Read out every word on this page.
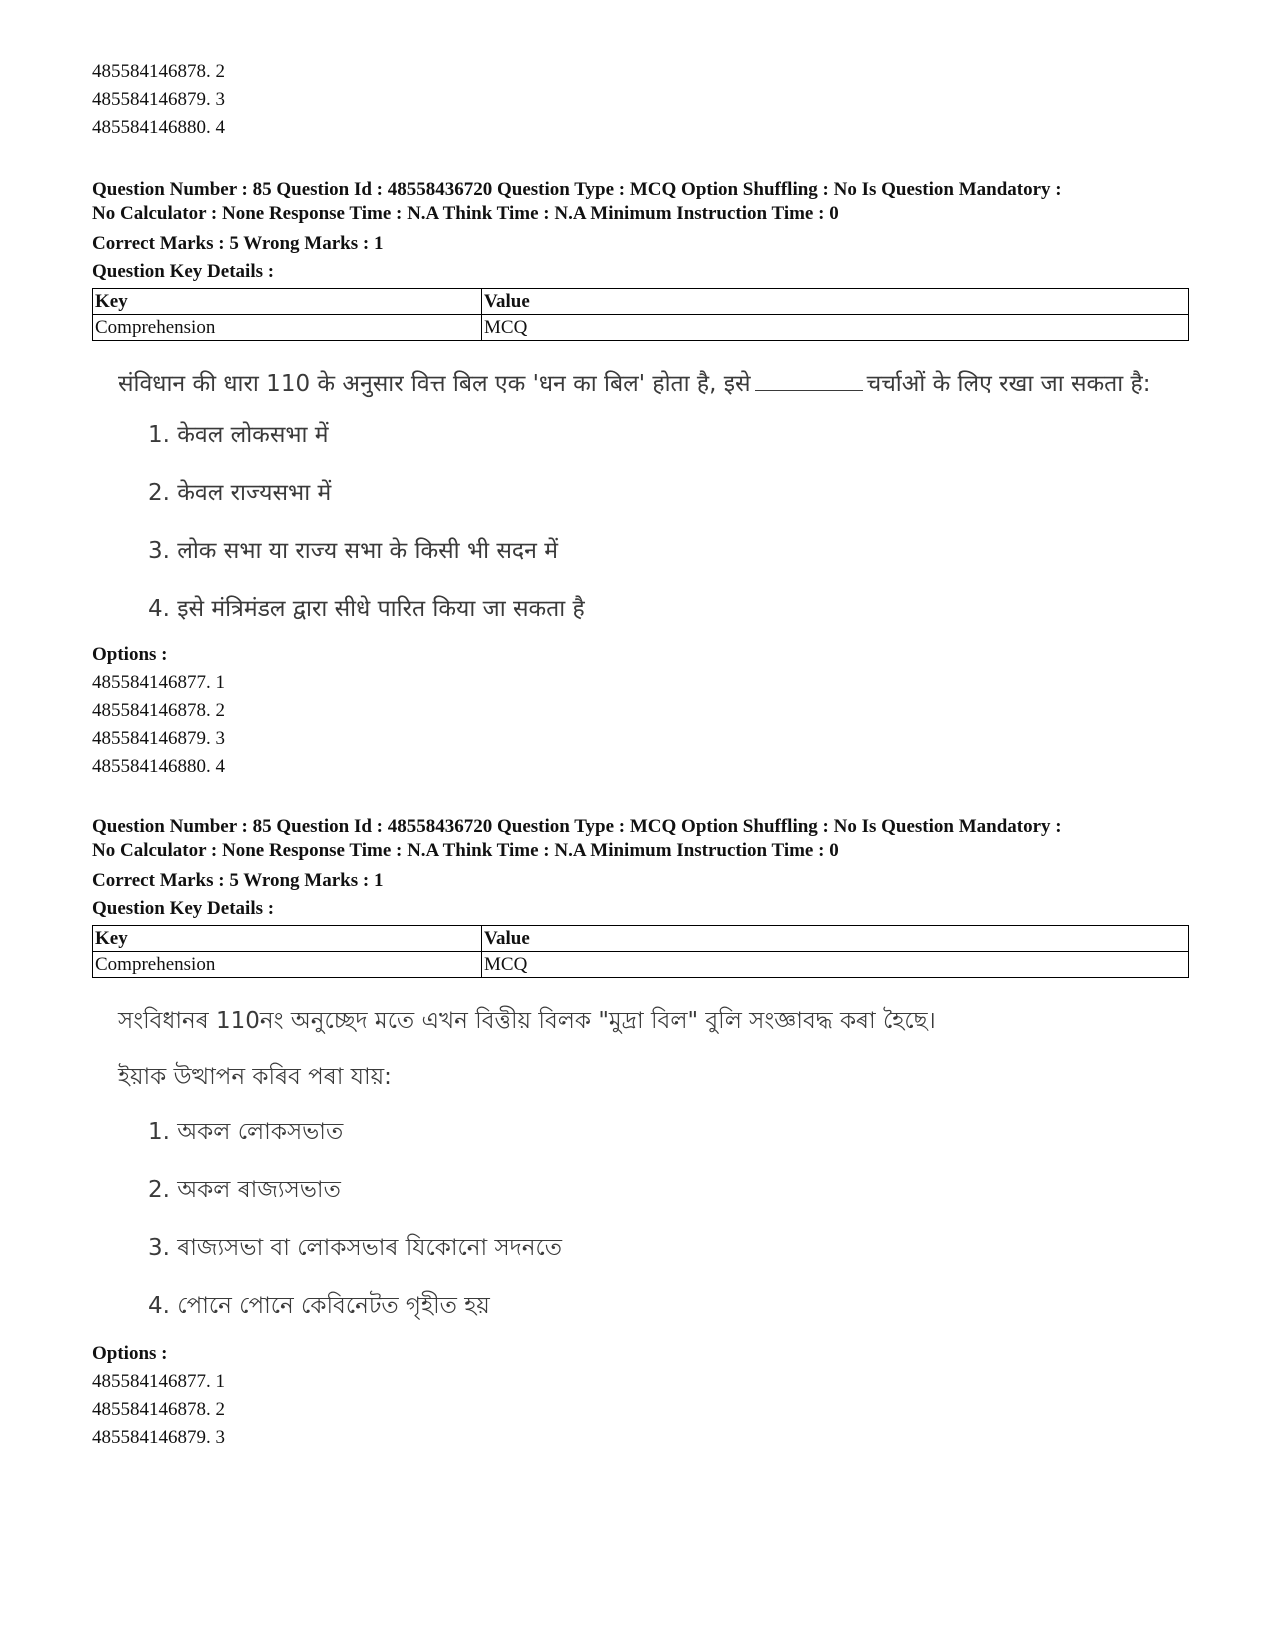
485584146878. 2
485584146879. 3
485584146880. 4
Question Number : 85 Question Id : 48558436720 Question Type : MCQ Option Shuffling : No Is Question Mandatory :
No Calculator : None Response Time : N.A Think Time : N.A Minimum Instruction Time : 0
Correct Marks : 5 Wrong Marks : 1
Question Key Details :
Key	Value
Comprehension	MCQ
संविधान की धारा 110 के अनुसार वित्त बिल एक 'धन का बिल' होता है, इसे	चर्चाओं के लिए रखा जा सकता है:
1. केवल लोकसभा में
2. केवल राज्यसभा में
3. लोक सभा या राज्य सभा के किसी भी सदन में
4. इसे मंत्रिमंडल द्वारा सीधे पारित किया जा सकता है
Options :
485584146877. 1
485584146878. 2
485584146879. 3
485584146880. 4
Question Number : 85 Question Id : 48558436720 Question Type : MCQ Option Shuffling : No Is Question Mandatory :
No Calculator : None Response Time : N.A Think Time : N.A Minimum Instruction Time : 0
Correct Marks : 5 Wrong Marks : 1
Question Key Details :
Key	Value
Comprehension	MCQ
সংবিধানৰ 110নং অনুচ্ছেদ মতে এখন বিত্তীয় বিলক "মুদ্ৰা বিল" বুলি সংজ্ঞাবদ্ধ কৰা হৈছে।
ইয়াক উত্থাপন কৰিব পৰা যায়:
1. অকল লোকসভাত
2. অকল ৰাজ্যসভাত
3. ৰাজ্যসভা বা লোকসভাৰ যিকোনো সদনতে
4. পোনে পোনে কেবিনেটত গৃহীত হয়
Options :
485584146877. 1
485584146878. 2
485584146879. 3
